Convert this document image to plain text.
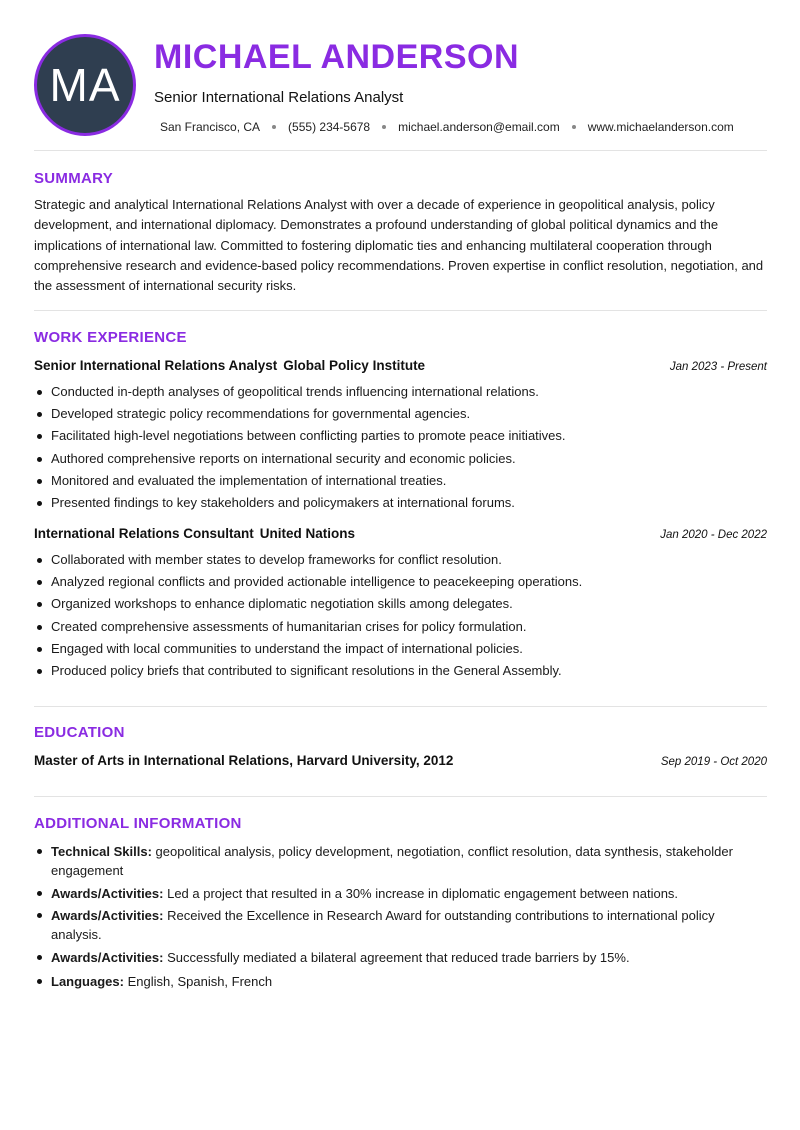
MA
MICHAEL ANDERSON
Senior International Relations Analyst
San Francisco, CA (555) 234-5678 michael.anderson@email.com www.michaelanderson.com
SUMMARY

Strategic and analytical International Relations Analyst with over a decade of experience in geopolitical analysis, policy development, and international diplomacy. Demonstrates a profound understanding of global political dynamics and the implications of international law. Committed to fostering diplomatic ties and enhancing multilateral cooperation through comprehensive research and evidence-based policy recommendations. Proven expertise in conflict resolution, negotiation, and the assessment of international security risks.

WORK EXPERIENCE
Senior International Relations Analyst Global Policy Institute	Jan 2023 - Present
Conducted in-depth analyses of geopolitical trends influencing international relations.
Developed strategic policy recommendations for governmental agencies.
Facilitated high-level negotiations between conflicting parties to promote peace initiatives.
Authored comprehensive reports on international security and economic policies.
Monitored and evaluated the implementation of international treaties.
Presented findings to key stakeholders and policymakers at international forums.
International Relations Consultant United Nations	Jan 2020 - Dec 2022
Collaborated with member states to develop frameworks for conflict resolution.
Analyzed regional conflicts and provided actionable intelligence to peacekeeping operations.
Organized workshops to enhance diplomatic negotiation skills among delegates.
Created comprehensive assessments of humanitarian crises for policy formulation.
Engaged with local communities to understand the impact of international policies.
Produced policy briefs that contributed to significant resolutions in the General Assembly.
EDUCATION
Master of Arts in International Relations, Harvard University, 2012	Sep 2019 - Oct 2020
ADDITIONAL INFORMATION
Technical Skills: geopolitical analysis, policy development, negotiation, conflict resolution, data synthesis, stakeholder engagement
Awards/Activities: Led a project that resulted in a 30% increase in diplomatic engagement between nations.
Awards/Activities: Received the Excellence in Research Award for outstanding contributions to international policy analysis.
Awards/Activities: Successfully mediated a bilateral agreement that reduced trade barriers by 15%.
Languages: English, Spanish, French
